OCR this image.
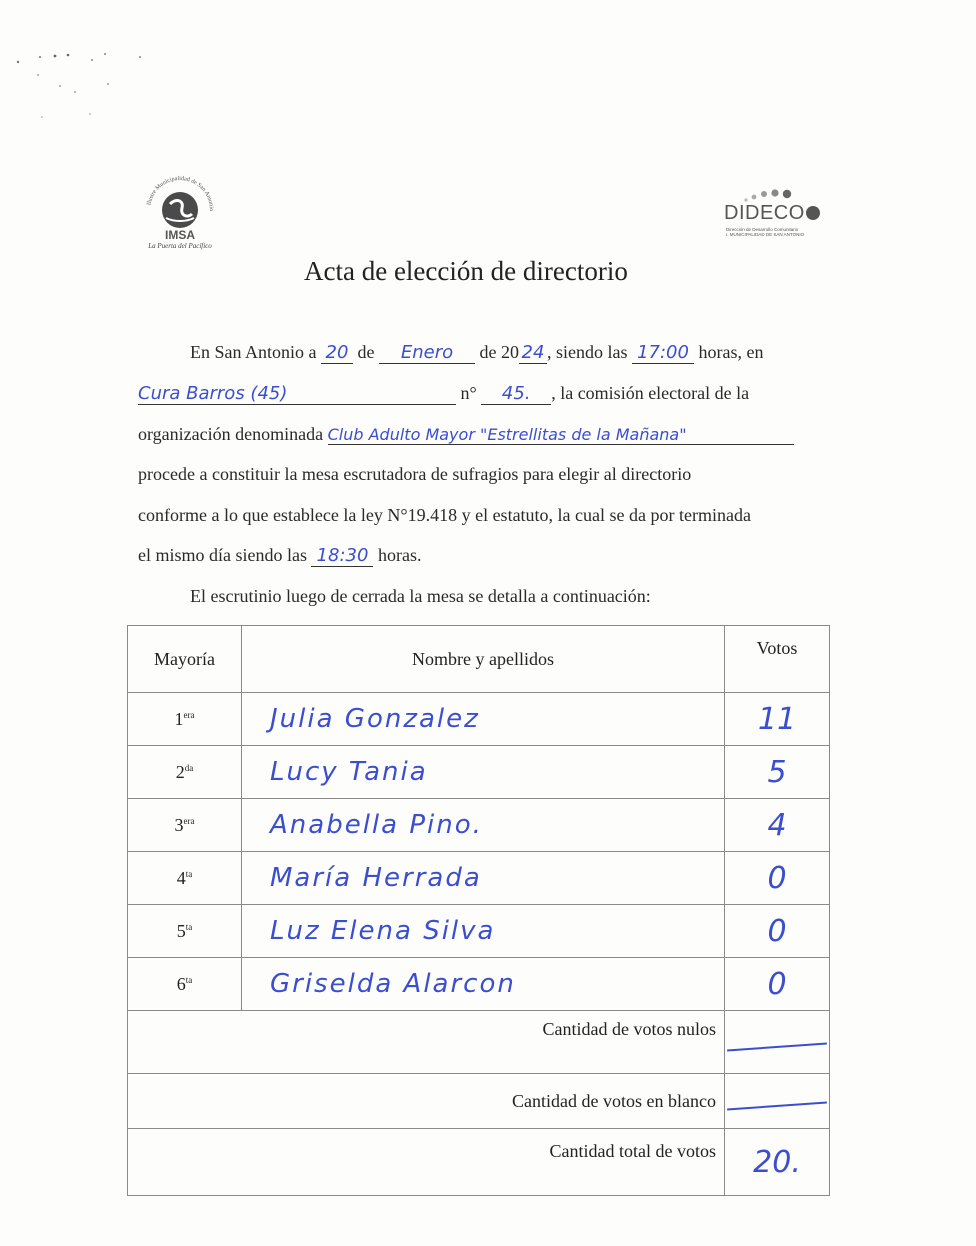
Ilustre Municipalidad de San Antonio
IMSA
La Puerta del Pacífico
DIDECO
Dirección de Desarrollo Comunitario
I. MUNICIPALIDAD DE SAN ANTONIO
Acta de elección de directorio
En San Antonio a 20 de Enero de 20 24 , siendo las 17:00 horas, en
Cura Barros (45)	n° 45. , la comisión electoral de la
organización denominada Club Adulto Mayor "Estrellitas de la Mañana"
procede a constituir la mesa escrutadora de sufragios para elegir al directorio
conforme a lo que establece la ley N°19.418 y el estatuto, la cual se da por terminada
el mismo día siendo las 18:30 horas.
El escrutinio luego de cerrada la mesa se detalla a continuación:
Mayoría	Nombre y apellidos	Votos
$1^{era}$	Julia Gonzalez	11
$2^{da}$	Lucy Tania	5
$3^{era}$	Anabella Pino.	4
$4^{ta}$	María Herrada	0
$5^{ta}$	Luz Elena Silva	0
$6^{ta}$	Griselda Alarcon	0
Cantidad de votos nulos		
Cantidad de votos en blanco		
Cantidad total de votos		20.
